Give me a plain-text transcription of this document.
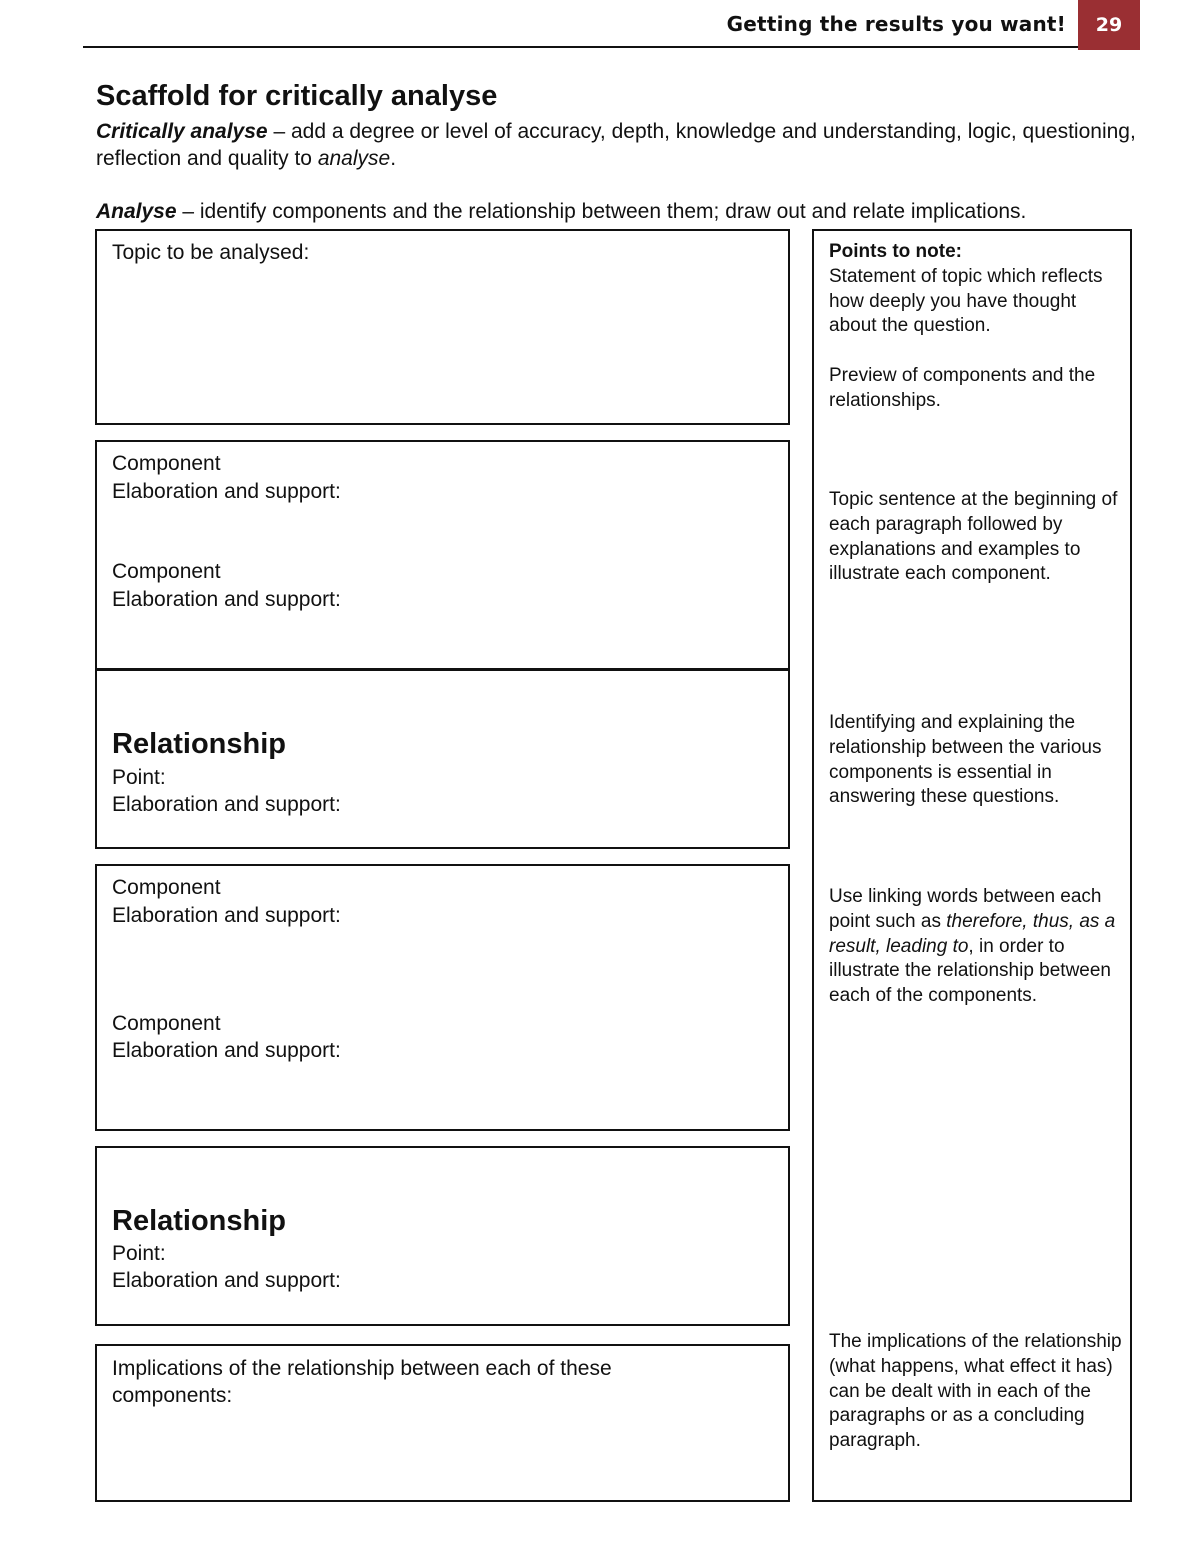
Getting the results you want!	29
Scaffold for critically analyse

Critically analyse – add a degree or level of accuracy, depth, knowledge and understanding, logic, questioning, reflection and quality to analyse.

Analyse – identify components and the relationship between them; draw out and relate implications.

Topic to be analysed:
Component
Elaboration and support:
Component
Elaboration and support:
Relationship
Point:
Elaboration and support:
Component
Elaboration and support:
Component
Elaboration and support:
Relationship
Point:
Elaboration and support:
Implications of the relationship between each of these components:

Points to note:
Statement of topic which reflects how deeply you have thought about the question.

Preview of components and the relationships.

Topic sentence at the beginning of each paragraph followed by explanations and examples to illustrate each component.

Identifying and explaining the relationship between the various components is essential in answering these questions.

Use linking words between each point such as therefore, thus, as a result, leading to, in order to illustrate the relationship between each of the components.

The implications of the relationship (what happens, what effect it has) can be dealt with in each of the paragraphs or as a concluding paragraph.
